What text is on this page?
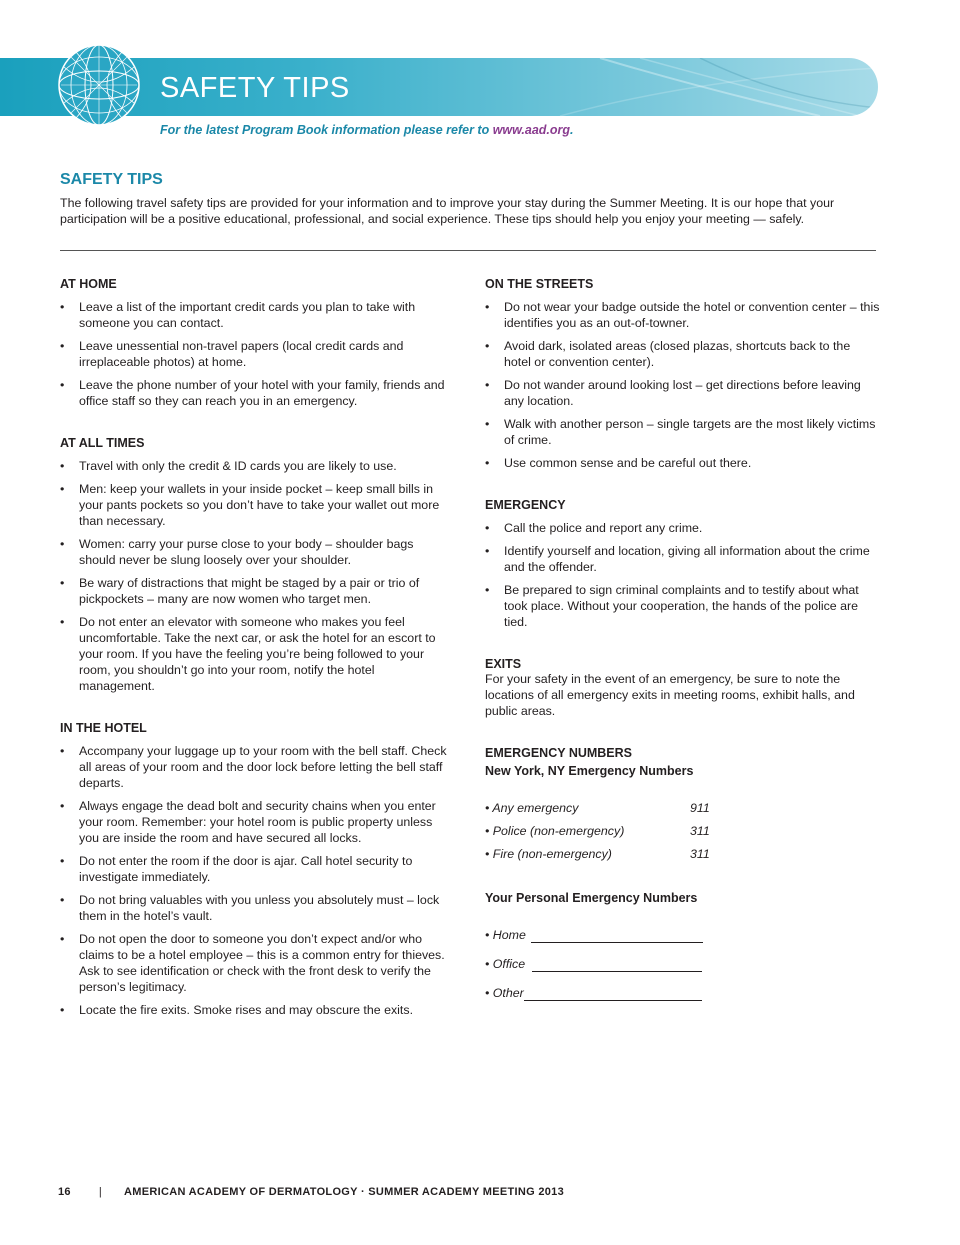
SAFETY TIPS
For the latest Program Book information please refer to www.aad.org.
SAFETY TIPS
The following travel safety tips are provided for your information and to improve your stay during the Summer Meeting. It is our hope that your participation will be a positive educational, professional, and social experience. These tips should help you enjoy your meeting — safely.
AT HOME
• Leave a list of the important credit cards you plan to take with someone you can contact.
• Leave unessential non-travel papers (local credit cards and irreplaceable photos) at home.
• Leave the phone number of your hotel with your family, friends and office staff so they can reach you in an emergency.
AT ALL TIMES
• Travel with only the credit & ID cards you are likely to use.
• Men: keep your wallets in your inside pocket – keep small bills in your pants pockets so you don’t have to take your wallet out more than necessary.
• Women: carry your purse close to your body – shoulder bags should never be slung loosely over your shoulder.
• Be wary of distractions that might be staged by a pair or trio of pickpockets – many are now women who target men.
• Do not enter an elevator with someone who makes you feel uncomfortable. Take the next car, or ask the hotel for an escort to your room. If you have the feeling you’re being followed to your room, you shouldn’t go into your room, notify the hotel management.
IN THE HOTEL
• Accompany your luggage up to your room with the bell staff. Check all areas of your room and the door lock before letting the bell staff departs.
• Always engage the dead bolt and security chains when you enter your room. Remember: your hotel room is public property unless you are inside the room and have secured all locks.
• Do not enter the room if the door is ajar. Call hotel security to investigate immediately.
• Do not bring valuables with you unless you absolutely must – lock them in the hotel’s vault.
• Do not open the door to someone you don’t expect and/or who claims to be a hotel employee – this is a common entry for thieves. Ask to see identification or check with the front desk to verify the person’s legitimacy.
• Locate the fire exits. Smoke rises and may obscure the exits.
ON THE STREETS
• Do not wear your badge outside the hotel or convention center – this identifies you as an out-of-towner.
• Avoid dark, isolated areas (closed plazas, shortcuts back to the hotel or convention center).
• Do not wander around looking lost – get directions before leaving any location.
• Walk with another person – single targets are the most likely victims of crime.
• Use common sense and be careful out there.
EMERGENCY
• Call the police and report any crime.
• Identify yourself and location, giving all information about the crime and the offender.
• Be prepared to sign criminal complaints and to testify about what took place. Without your cooperation, the hands of the police are tied.
EXITS

For your safety in the event of an emergency, be sure to note the locations of all emergency exits in meeting rooms, exhibit halls, and public areas.

EMERGENCY NUMBERS
New York, NY Emergency Numbers
• Any emergency	911
• Police (non-emergency)	311
• Fire (non-emergency)	311
Your Personal Emergency Numbers
• Home
• Office
• Other
16	| AMERICAN ACADEMY OF DERMATOLOGY · SUMMER ACADEMY MEETING 2013
